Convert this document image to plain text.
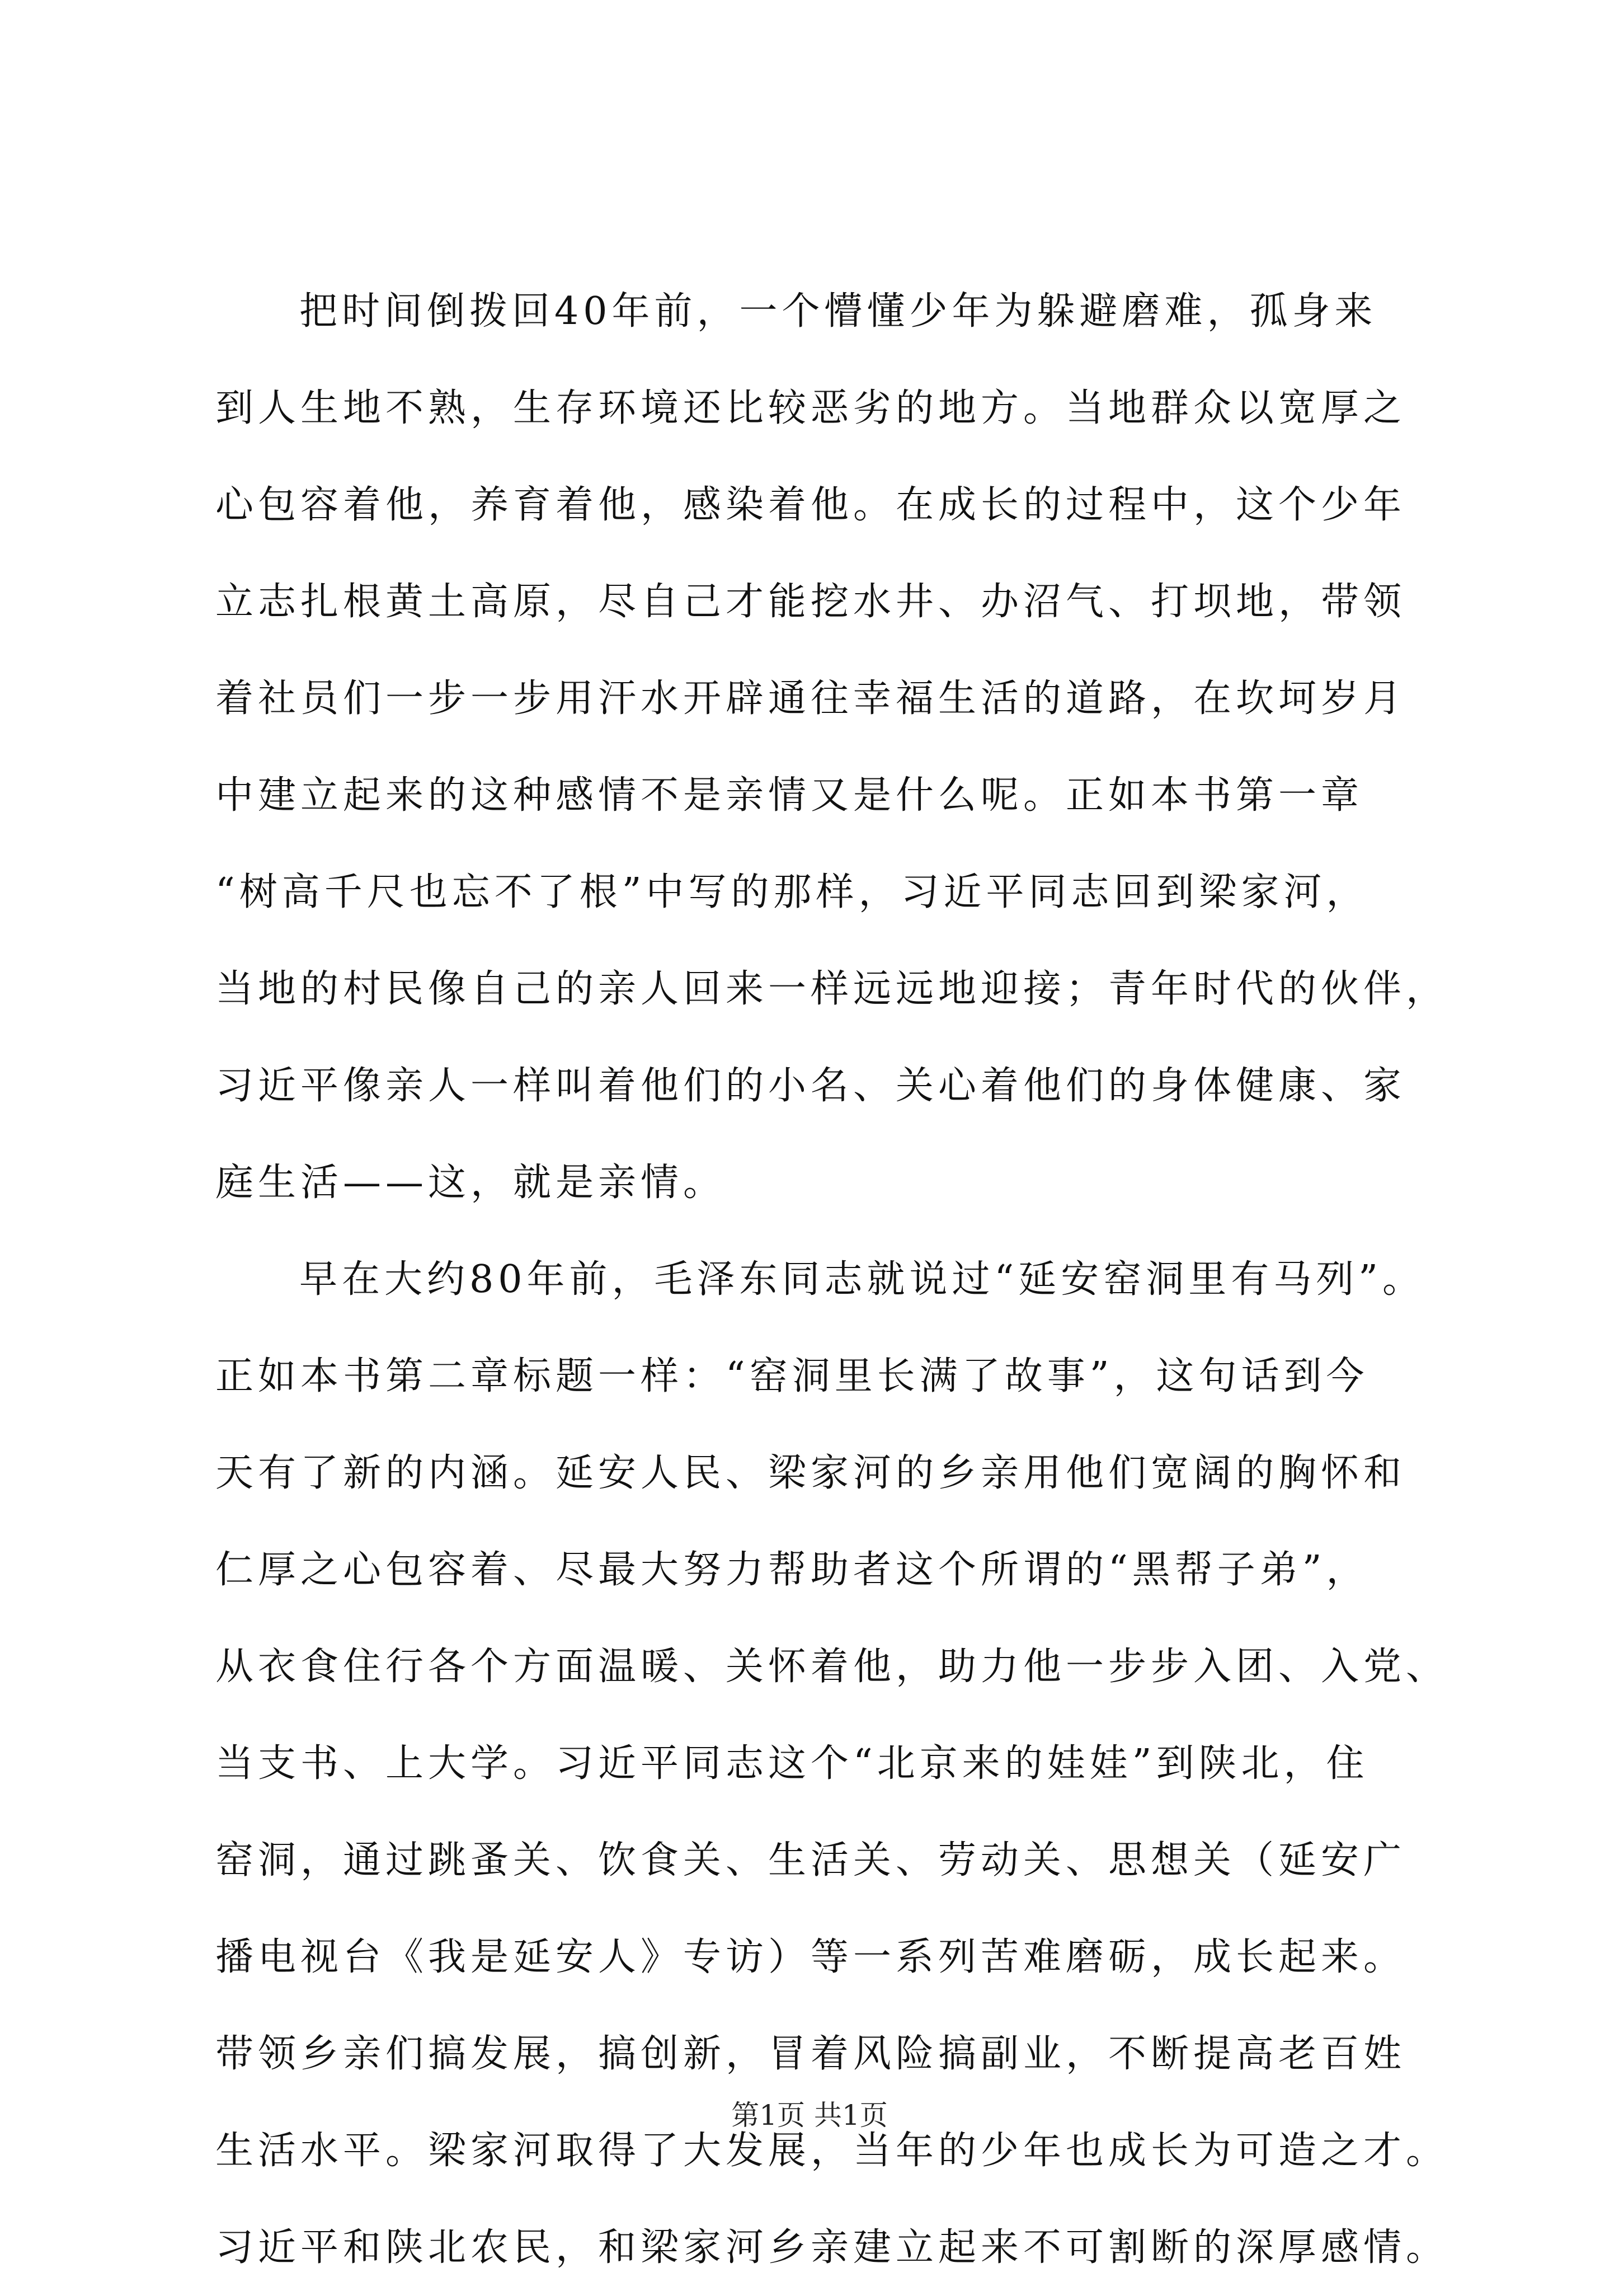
把时间倒拨回40年前，一个懵懂少年为躲避磨难，孤身来
到人生地不熟，生存环境还比较恶劣的地方。当地群众以宽厚之
心包容着他，养育着他，感染着他。在成长的过程中，这个少年
立志扎根黄土高原，尽自己才能挖水井、办沼气、打坝地，带领
着社员们一步一步用汗水开辟通往幸福生活的道路，在坎坷岁月
中建立起来的这种感情不是亲情又是什么呢。正如本书第一章
“树高千尺也忘不了根”中写的那样，习近平同志回到梁家河，
当地的村民像自己的亲人回来一样远远地迎接；青年时代的伙伴，
习近平像亲人一样叫着他们的小名、关心着他们的身体健康、家
庭生活——这，就是亲情。
早在大约80年前，毛泽东同志就说过“延安窑洞里有马列”。
正如本书第二章标题一样：“窑洞里长满了故事”，这句话到今
天有了新的内涵。延安人民、梁家河的乡亲用他们宽阔的胸怀和
仁厚之心包容着、尽最大努力帮助者这个所谓的“黑帮子弟”，
从衣食住行各个方面温暖、关怀着他，助力他一步步入团、入党、
当支书、上大学。习近平同志这个“北京来的娃娃”到陕北，住
窑洞，通过跳蚤关、饮食关、生活关、劳动关、思想关（延安广
播电视台《我是延安人》专访）等一系列苦难磨砺，成长起来。
带领乡亲们搞发展，搞创新，冒着风险搞副业，不断提高老百姓
生活水平。梁家河取得了大发展，当年的少年也成长为可造之才。
习近平和陕北农民，和梁家河乡亲建立起来不可割断的深厚感情。
第1页 共1页
